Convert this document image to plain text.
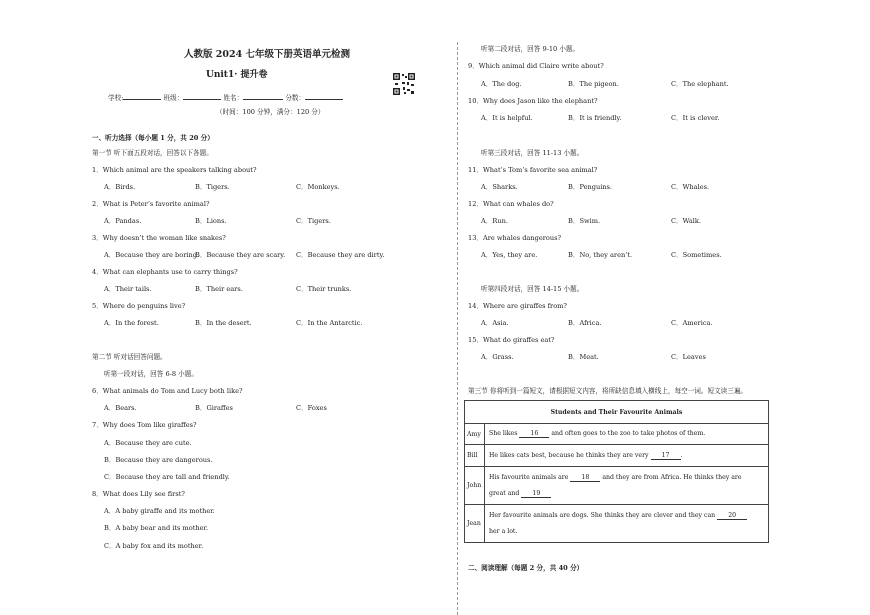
人教版 2024 七年级下册英语单元检测
Unit1· 提升卷
学校:	班级：	姓名：	分数：
（时间：100 分钟，满分：120 分）
一、听力选择（每小题 1 分，共 20 分）
第一节 听下面五段对话，回答以下各题。
1．Which animal are the speakers talking about?
A．Birds.	B．Tigers.	C．Monkeys.
2．What is Peter’s favorite animal?
A．Pandas.	B．Lions.	C．Tigers.
3．Why doesn’t the woman like snakes?
A．Because they are boring.
B．Because they are scary. C．Because they are dirty.
4．What can elephants use to carry things?
A．Their tails.	B．Their ears.	C．Their trunks.
5．Where do penguins live?
A．In the forest.	B．In the desert.	C．In the Antarctic.
第二节 听对话回答问题。
听第一段对话，回答 6-8 小题。
6．What animals do Tom and Lucy both like?
A．Bears.	B．Giraffes	C．Foxes
7．Why does Tom like giraffes?
A．Because they are cute.
B．Because they are dangerous.
C．Because they are tall and friendly.
8．What does Lily see first?
A．A baby giraffe and its mother.
B．A baby bear and its mother.
C．A baby fox and its mother.
听第二段对话，回答 9-10 小题。
9．Which animal did Claire write about?
A．The dog.	B．The pigeon.	C．The elephant.
10．Why does Jason like the elephant?
A．It is helpful.	B．It is friendly.	C．It is clever.
听第三段对话，回答 11-13 小题。
11．What’s Tom’s favorite sea animal?
A．Sharks.	B．Penguins.	C．Whales.
12．What can whales do?
A．Run.	B．Swim.	C．Walk.
13．Are whales dangerous?
A．Yes, they are.	B．No, they aren’t.	C．Sometimes.
听第四段对话，回答 14-15 小题。
14．Where are giraffes from?
A．Asia.	B．Africa.	C．America.
15．What do giraffes eat?
A．Grass.	B．Meat.	C．Leaves
第三节 你将听到一篇短文，请根据短文内容，将所缺信息填入横线上，每空一词。短文读三遍。
Students and Their Favourite Animals	
Amy	She likes 16 and often goes to the zoo to take photos of them.
Bill	He likes cats best, because he thinks they are very 17 .
John	His favourite animals are 18 and they are from Africa. He thinks they are
great and 19
Jean	Her favourite animals are dogs. She thinks they are clever and they can 20
her a lot.
二、阅读理解（每题 2 分，共 40 分）
